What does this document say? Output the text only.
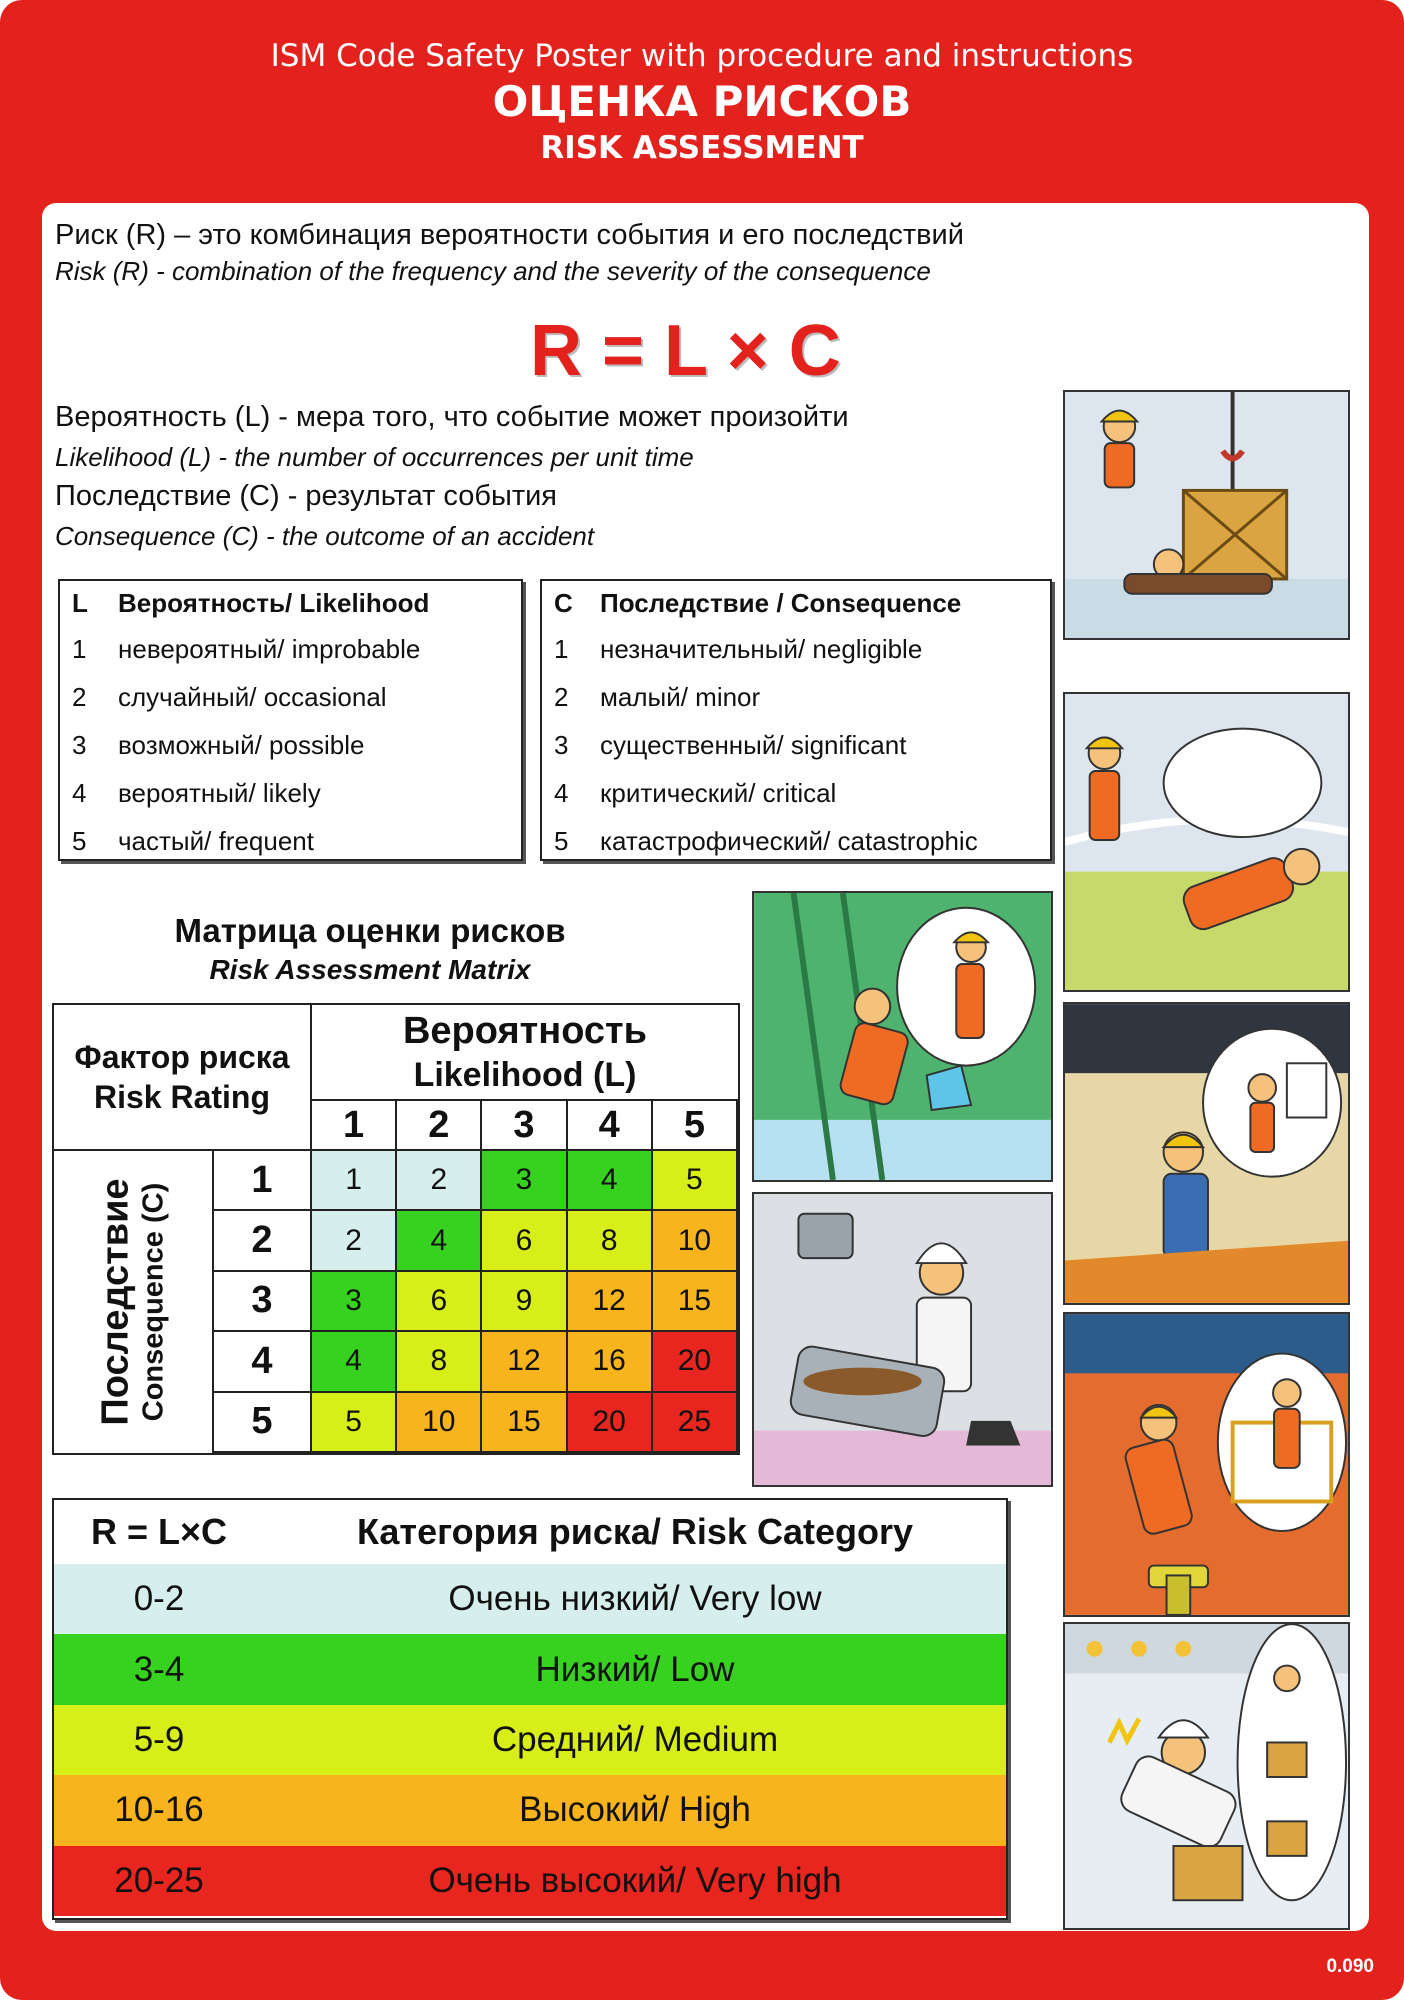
ISM Code Safety Poster with procedure and instructions
ОЦЕНКА РИСКОВ
RISK ASSESSMENT
Риск (R) – это комбинация вероятности события и его последствий
Risk (R) - combination of the frequency and the severity of the consequence
R = L × C
Вероятность (L) - мера того, что событие может произойти
Likelihood (L) - the number of occurrences per unit time
Последствие (C) - результат события
Consequence (C) - the outcome of an accident
L	Вероятность/ Likelihood
1	невероятный/ improbable
2	случайный/ occasional
3	возможный/ possible
4	вероятный/ likely
5	частый/ frequent
C	Последствие / Consequence
1	незначительный/ negligible
2	малый/ minor
3	существенный/ significant
4	критический/ critical
5	катастрофический/ catastrophic
Матрица оценки рисков
Risk Assessment Matrix
Фактор риска
Risk Rating
Вероятность
Likelihood (L)
Последствие Consequence (C)
1	2	3	4	5
1	1	2	3	4	5
2	2	4	6	8	10
3	3	6	9	12	15
4	4	8	12	16	20
5	5	10	15	20	25
R = L×C	Категория риска/ Risk Category
0-2	Очень низкий/ Very low
3-4	Низкий/ Low
5-9	Средний/ Medium
10-16	Высокий/ High
20-25	Очень высокий/ Very high
0.090
